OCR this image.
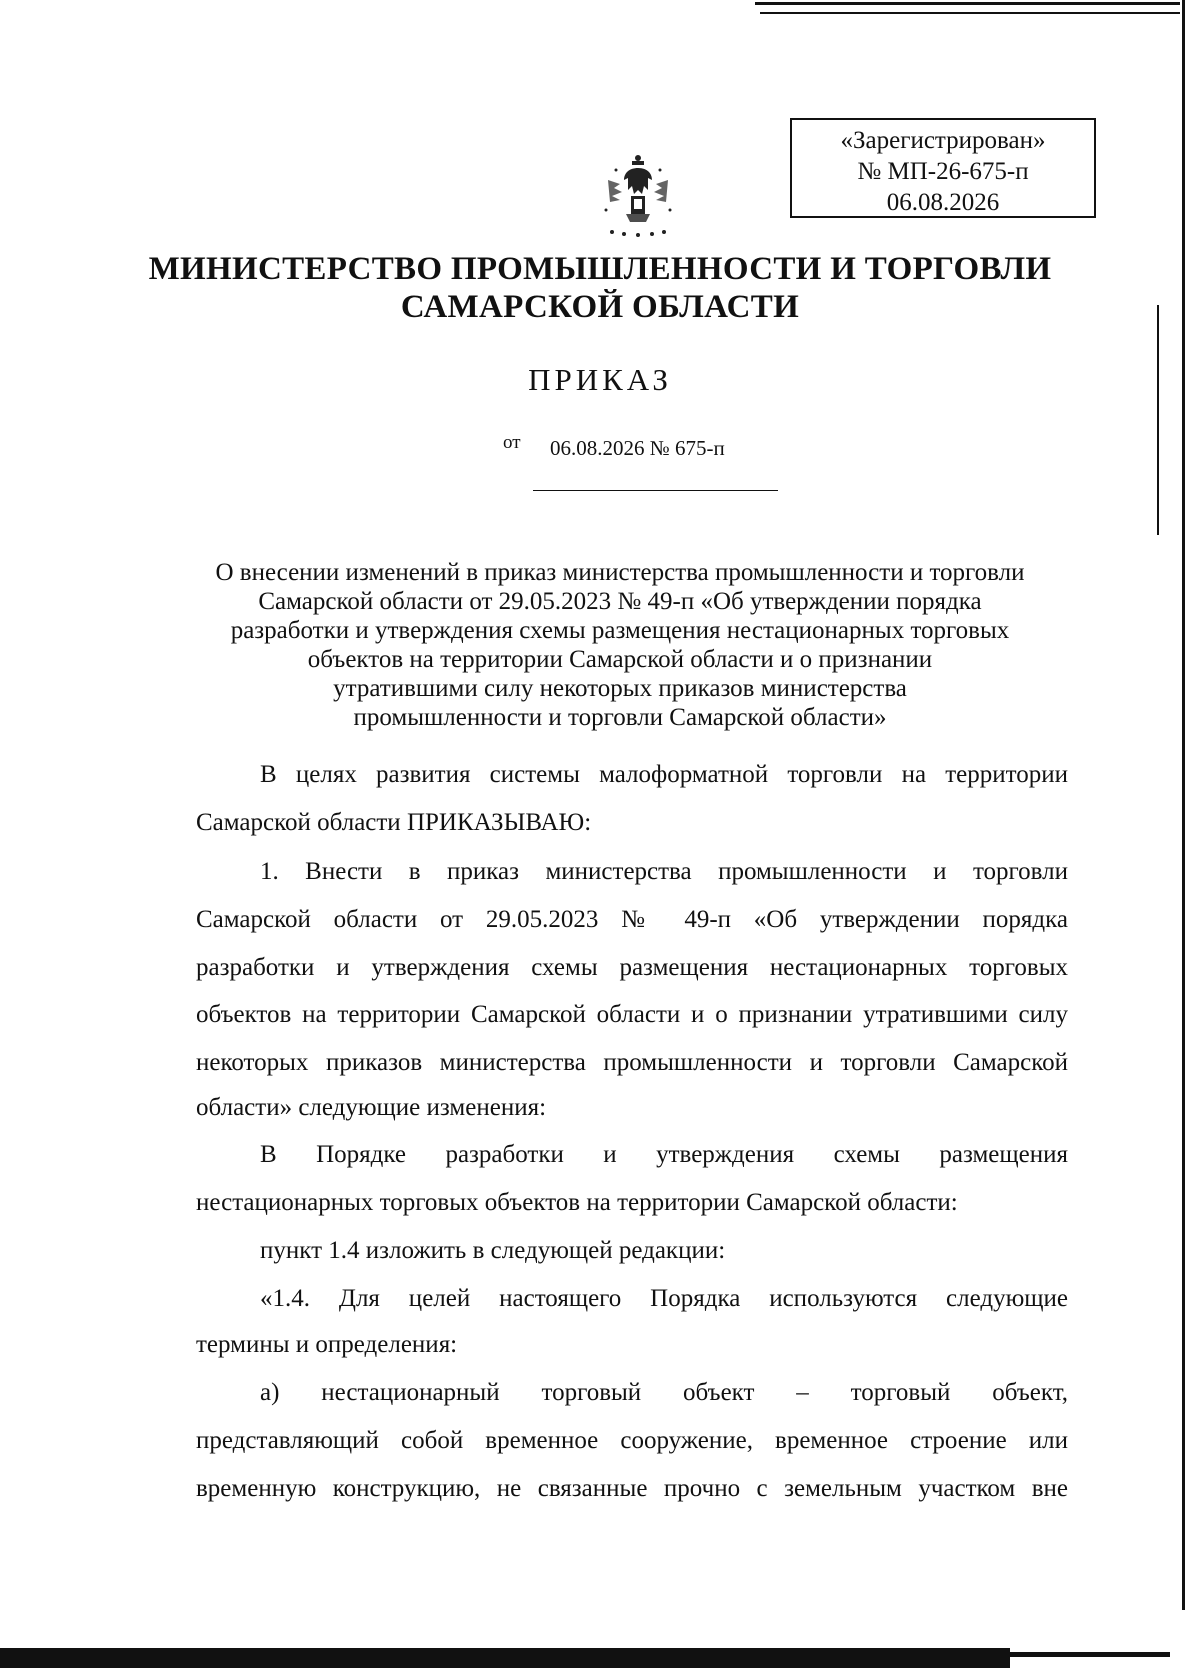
«Зарегистрирован»
№ МП-26-675-п
06.08.2026
МИНИСТЕРСТВО ПРОМЫШЛЕННОСТИ И ТОРГОВЛИ
САМАРСКОЙ ОБЛАСТИ
ПРИКАЗ
от 06.08.2026 № 675-п
О внесении изменений в приказ министерства промышленности и торговли
Самарской области от 29.05.2023 № 49-п «Об утверждении порядка
разработки и утверждения схемы размещения нестационарных торговых
объектов на территории Самарской области и о признании
утратившими силу некоторых приказов министерства
промышленности и торговли Самарской области»
В целях развития системы малоформатной торговли на территории
Самарской области ПРИКАЗЫВАЮ:
1. Внести в приказ министерства промышленности и торговли
Самарской области от 29.05.2023 № 49-п «Об утверждении порядка
разработки и утверждения схемы размещения нестационарных торговых
объектов на территории Самарской области и о признании утратившими силу
некоторых приказов министерства промышленности и торговли Самарской
области» следующие изменения:
В Порядке разработки и утверждения схемы размещения
нестационарных торговых объектов на территории Самарской области:
пункт 1.4 изложить в следующей редакции:
«1.4. Для целей настоящего Порядка используются следующие
термины и определения:
а) нестационарный торговый объект – торговый объект,
представляющий собой временное сооружение, временное строение или
временную конструкцию, не связанные прочно с земельным участком вне
